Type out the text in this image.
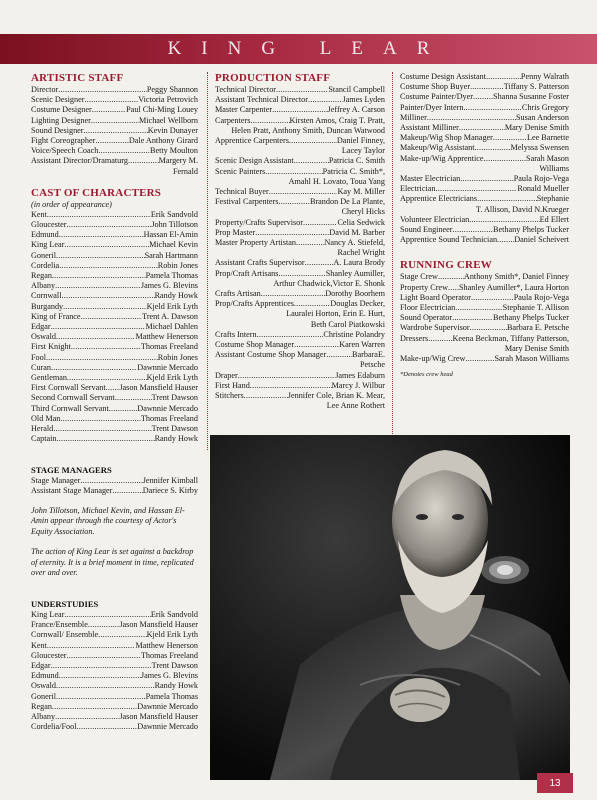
KING LEAR
ARTISTIC STAFF
Director .....	Peggy Shannon
Scenic Designer .....	Victoria Petrovich
Costume Designer .....	Paul Chi-Ming Louey
Lighting Designer .....	Michael Wellborn
Sound Designer .....	Kevin Dunayer
Fight Coreographer .....	Dale Anthony Girard
Voice/Speech Coach .....	Betty Moulton
Assistant Director/Dramaturg .....	Margery M.
Fernald
CAST OF CHARACTERS
(in order of appearance)
Kent .....	Erik Sandvold
Gloucester .....	John Tillotson
Edmund .....	Hassan El-Amin
King Lear .....	Michael Kevin
Goneril .....	Sarah Hartmann
Cordelia .....	Robin Jones
Regan .....	Pamela Thomas
Albany .....	James G. Blevins
Cornwall .....	Randy Howk
Burgandy .....	Kjeld Erik Lyth
King of France .....	Trent A. Dawson
Edgar .....	Michael Dahlen
Oswald .....	Matthew Henerson
First Knight .....	Thomas Freeland
Fool .....	Robin Jones
Curan .....	Dawnnie Mercado
Gentleman .....	Kjeld Erik Lyth
First Cornwall Servant ..... Jason Mansfield Hauser
Second Cornwall Servant .....	Trent Dawson
Third Cornwall Servant .....	Dawnnie Mercado
Old Man .....	Thomas Freeland
Herald .....	Trent Dawson
Captain .....	Randy Howk
STAGE MANAGERS
Stage Manager .....	Jennifer Kimball
Assistant Stage Manager .....	Dariece S. Kirby
John Tillotson, Michael Kevin, and Hassan El-Amin appear through the courtesy of Actor's Equity Association.
The action of King Lear is set against a backdrop of eternity. It is a brief moment in time, replicated over and over.
UNDERSTUDIES
King Lear .....	Erik Sandvold
France/Ensemble .....	Jason Mansfield Hauser
Cornwall/ Ensemble .....	Kjeld Erik Lyth
Kent .....	Matthew Henerson
Gloucester .....	Thomas Freeland
Edgar .....	Trent Dawson
Edmund .....	James G. Blevins
Oswald .....	Randy Howk
Goneril .....	Pamela Thomas
Regan .....	Dawnnie Mercado
Albany .....	Jason Mansfield Hauser
Cordelia/Fool .....	Dawnnie Mercado
PRODUCTION STAFF
Technical Director .....	Stancil Campbell
Assistant Technical Director .....	James Lyden
Master Carpenter .....	Jeffrey A. Carson
Carpenters .....	Kirsten Amos, Craig T. Pratt,
Helen Pratt, Anthony Smith, Duncan Watwood
Apprentice Carpenters .....	Daniel Finney,
Lacey Taylor
Scenic Design Assistant .....	Patricia C. Smith
Scenic Painters .....	Patricia C. Smith*,
Amahl H. Lovato, Toua Yang
Technical Buyer .....	Kay M. Miller
Festival Carpenters .....	Brandon De La Plante,
Cheryl Hicks
Property/Crafts Supervisor .....	Celia Sedwick
Prop Master .....	David M. Barber
Master Property Artistan .....	Nancy A. Stiefeld,
Rachel Wright
Assistant Crafts Supervisor .....	A. Laura Brody
Prop/Craft Artisans .....	Shanley Aumiller,
Arthur Chadwick,Victor E. Shonk
Crafts Artisan .....	Dorothy Boorhem
Prop/Crafts Apprentices .....	Douglas Decker,
Lauralei Horton, Erin E. Hurt,
Beth Carol Piatkowski
Crafts Intern .....	Christine Polandry
Costume Shop Manager .....	Karen Warren
Assistant Costume Shop Manager .....	BarbaraE.
Petsche
Draper .....	James Edaburn
First Hand .....	Marcy J. Wilbur
Stitchers .....	Jennifer Cole, Brian K. Mear,
Lee Anne Rothert
Costume Design Assistant .....	Penny Walrath
Costume Shop Buyer .....	Tiffany S. Patterson
Costume Painter/Dyer ..... Shanna Susanne Foster
Painter/Dyer Intern .....	Chris Gregory
Milliner .....	Susan Anderson
Assistant Milliner .....	Mary Denise Smith
Makeup/Wig Shop Manager .....	Lee Barnette
Makeup/Wig Assistant .....	Melyssa Swensen
Make-up/Wig Apprentice .....	Sarah Mason
Williams
Master Electrician .....	Paula Rojo-Vega
Electrician .....	Ronald Mueller
Apprentice Electricians .....	Stephanie
T. Allison, David N.Krueger
Volunteer Electrician .....	Ed Ellert
Sound Engineer .....	Bethany Phelps Tucker
Apprentice Sound Technician ..... Daniel Scheivert
RUNNING CREW
Stage Crew .....	Anthony Smith*, Daniel Finney
Property Crew ..... Shanley Aumiller*, Laura Horton
Light Board Operator .....	Paula Rojo-Vega
Floor Electrician .....	Stephanie T. Allison
Sound Operator .....	Bethany Phelps Tucker
Wardrobe Supervisor .....	Barbara E. Petsche
Dressers .....	Keena Beckman, Tiffany Patterson,
Mary Denise Smith
Make-up/Wig Crew .....	Sarah Mason Williams
*Denotes crew head
13
